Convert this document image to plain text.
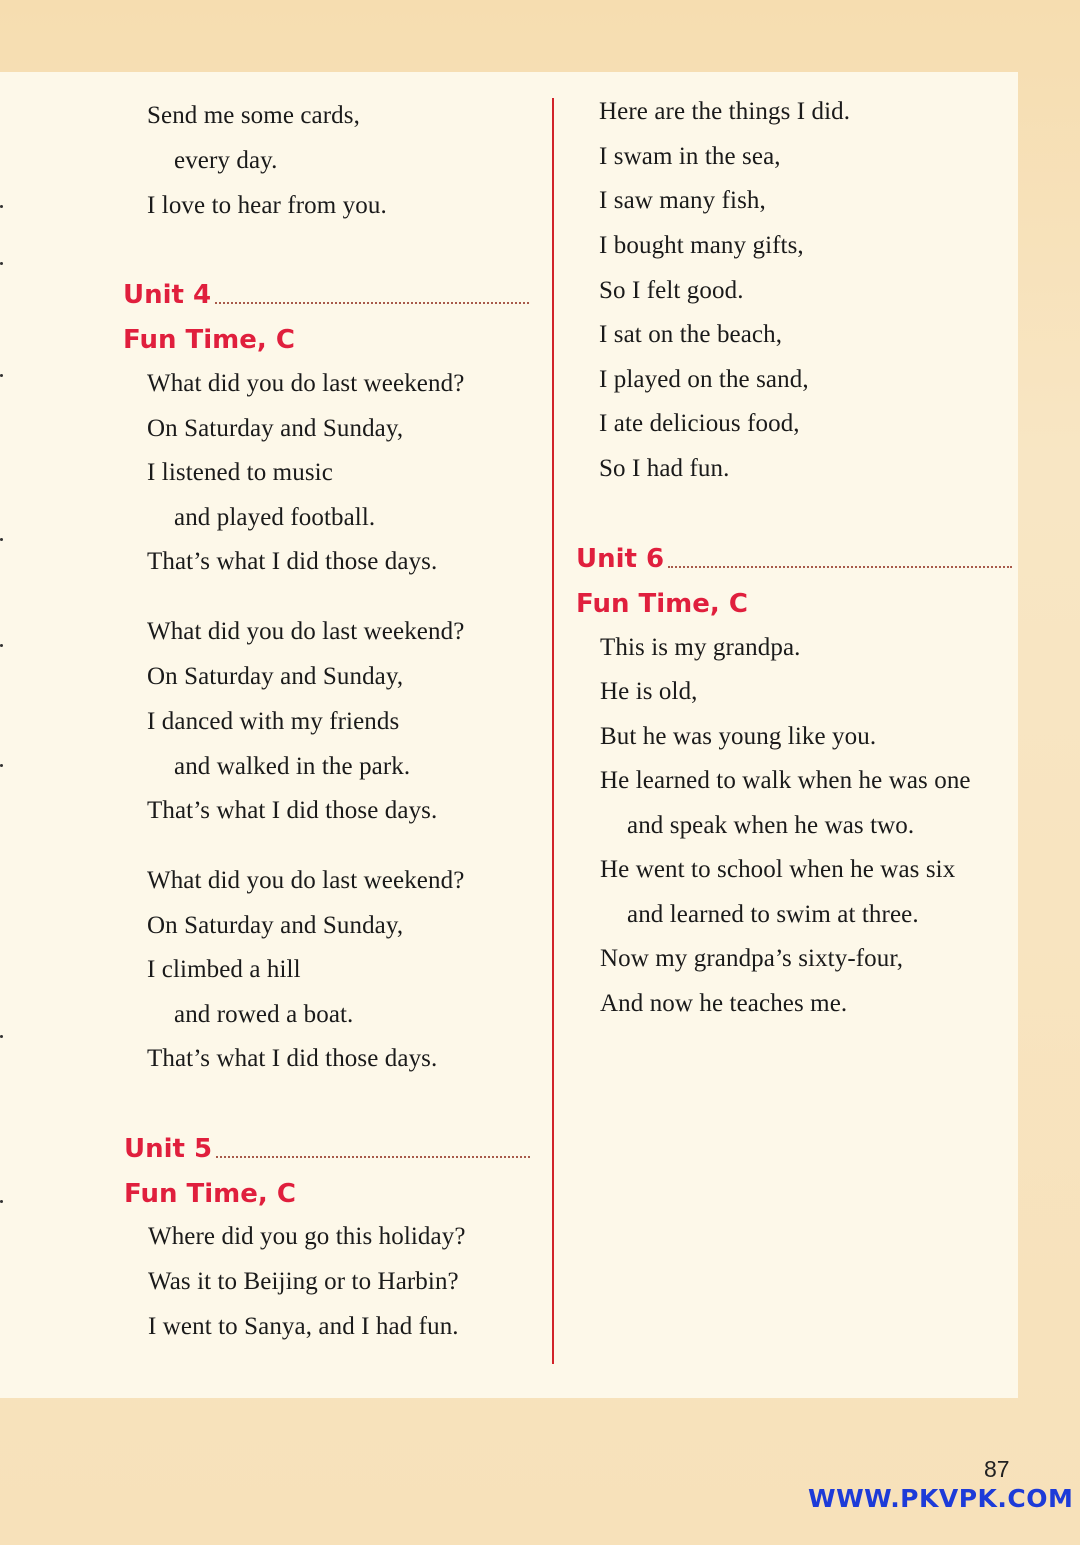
Send me some cards,
every day.
I love to hear from you.
Unit 4
Fun Time, C
What did you do last weekend?
On Saturday and Sunday,
I listened to music
and played football.
That’s what I did those days.
What did you do last weekend?
On Saturday and Sunday,
I danced with my friends
and walked in the park.
That’s what I did those days.
What did you do last weekend?
On Saturday and Sunday,
I climbed a hill
and rowed a boat.
That’s what I did those days.
Unit 5
Fun Time, C
Where did you go this holiday?
Was it to Beijing or to Harbin?
I went to Sanya, and I had fun.
Here are the things I did.
I swam in the sea,
I saw many fish,
I bought many gifts,
So I felt good.
I sat on the beach,
I played on the sand,
I ate delicious food,
So I had fun.
Unit 6
Fun Time, C
This is my grandpa.
He is old,
But he was young like you.
He learned to walk when he was one
and speak when he was two.
He went to school when he was six
and learned to swim at three.
Now my grandpa’s sixty-four,
And now he teaches me.
87
WWW.PKVPK.COM
